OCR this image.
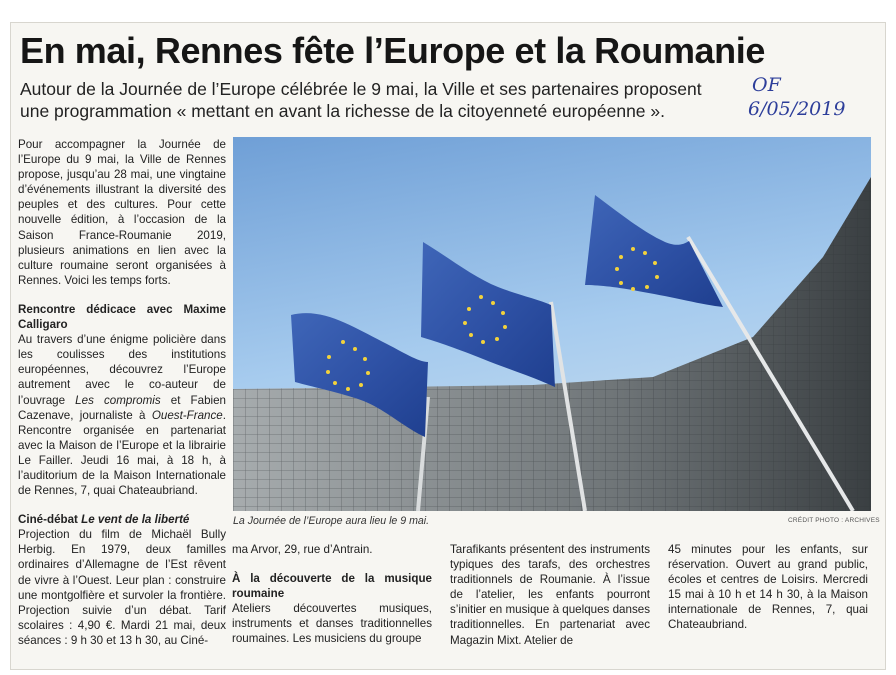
En mai, Rennes fête l’Europe et la Roumanie

Autour de la Journée de l’Europe célébrée le 9 mai, la Ville et ses partenaires proposent une programmation « mettant en avant la richesse de la citoyenneté européenne ».

OF
6/05/2019

Pour accompagner la Journée de l’Europe du 9 mai, la Ville de Rennes propose, jusqu’au 28 mai, une vingtaine d’événements illustrant la diversité des peuples et des cultures. Pour cette nouvelle édition, à l’occasion de la Saison France-Roumanie 2019, plusieurs animations en lien avec la culture roumaine seront organisées à Rennes. Voici les temps forts.

Rencontre dédicace avec Maxime Calligaro

Au travers d’une énigme policière dans les coulisses des institutions européennes, découvrez l’Europe autrement avec le co-auteur de l’ouvrage Les compromis et Fabien Cazenave, journaliste à Ouest-France. Rencontre organisée en partenariat avec la Maison de l’Europe et la librairie Le Failler. Jeudi 16 mai, à 18 h, à l’auditorium de la Maison Internationale de Rennes, 7, quai Chateaubriand.

Ciné-débat Le vent de la liberté

Projection du film de Michaël Bully Herbig. En 1979, deux familles ordinaires d’Allemagne de l’Est rêvent de vivre à l’Ouest. Leur plan : construire une montgolfière et survoler la frontière. Projection suivie d’un débat. Tarif scolaires : 4,90 €. Mardi 21 mai, deux séances : 9 h 30 et 13 h 30, au Ciné-

La Journée de l’Europe aura lieu le 9 mai.	CRÉDIT PHOTO : ARCHIVES

ma Arvor, 29, rue d’Antrain.

À la découverte de la musique roumaine

Ateliers découvertes musiques, instruments et danses traditionnelles roumaines. Les musiciens du groupe

Tarafikants présentent des instruments typiques des tarafs, des orchestres traditionnels de Roumanie. À l’issue de l’atelier, les enfants pourront s’initier en musique à quelques danses traditionnelles. En partenariat avec Magazin Mixt. Atelier de

45 minutes pour les enfants, sur réservation. Ouvert au grand public, écoles et centres de Loisirs. Mercredi 15 mai à 10 h et 14 h 30, à la Maison internationale de Rennes, 7, quai Chateaubriand.
